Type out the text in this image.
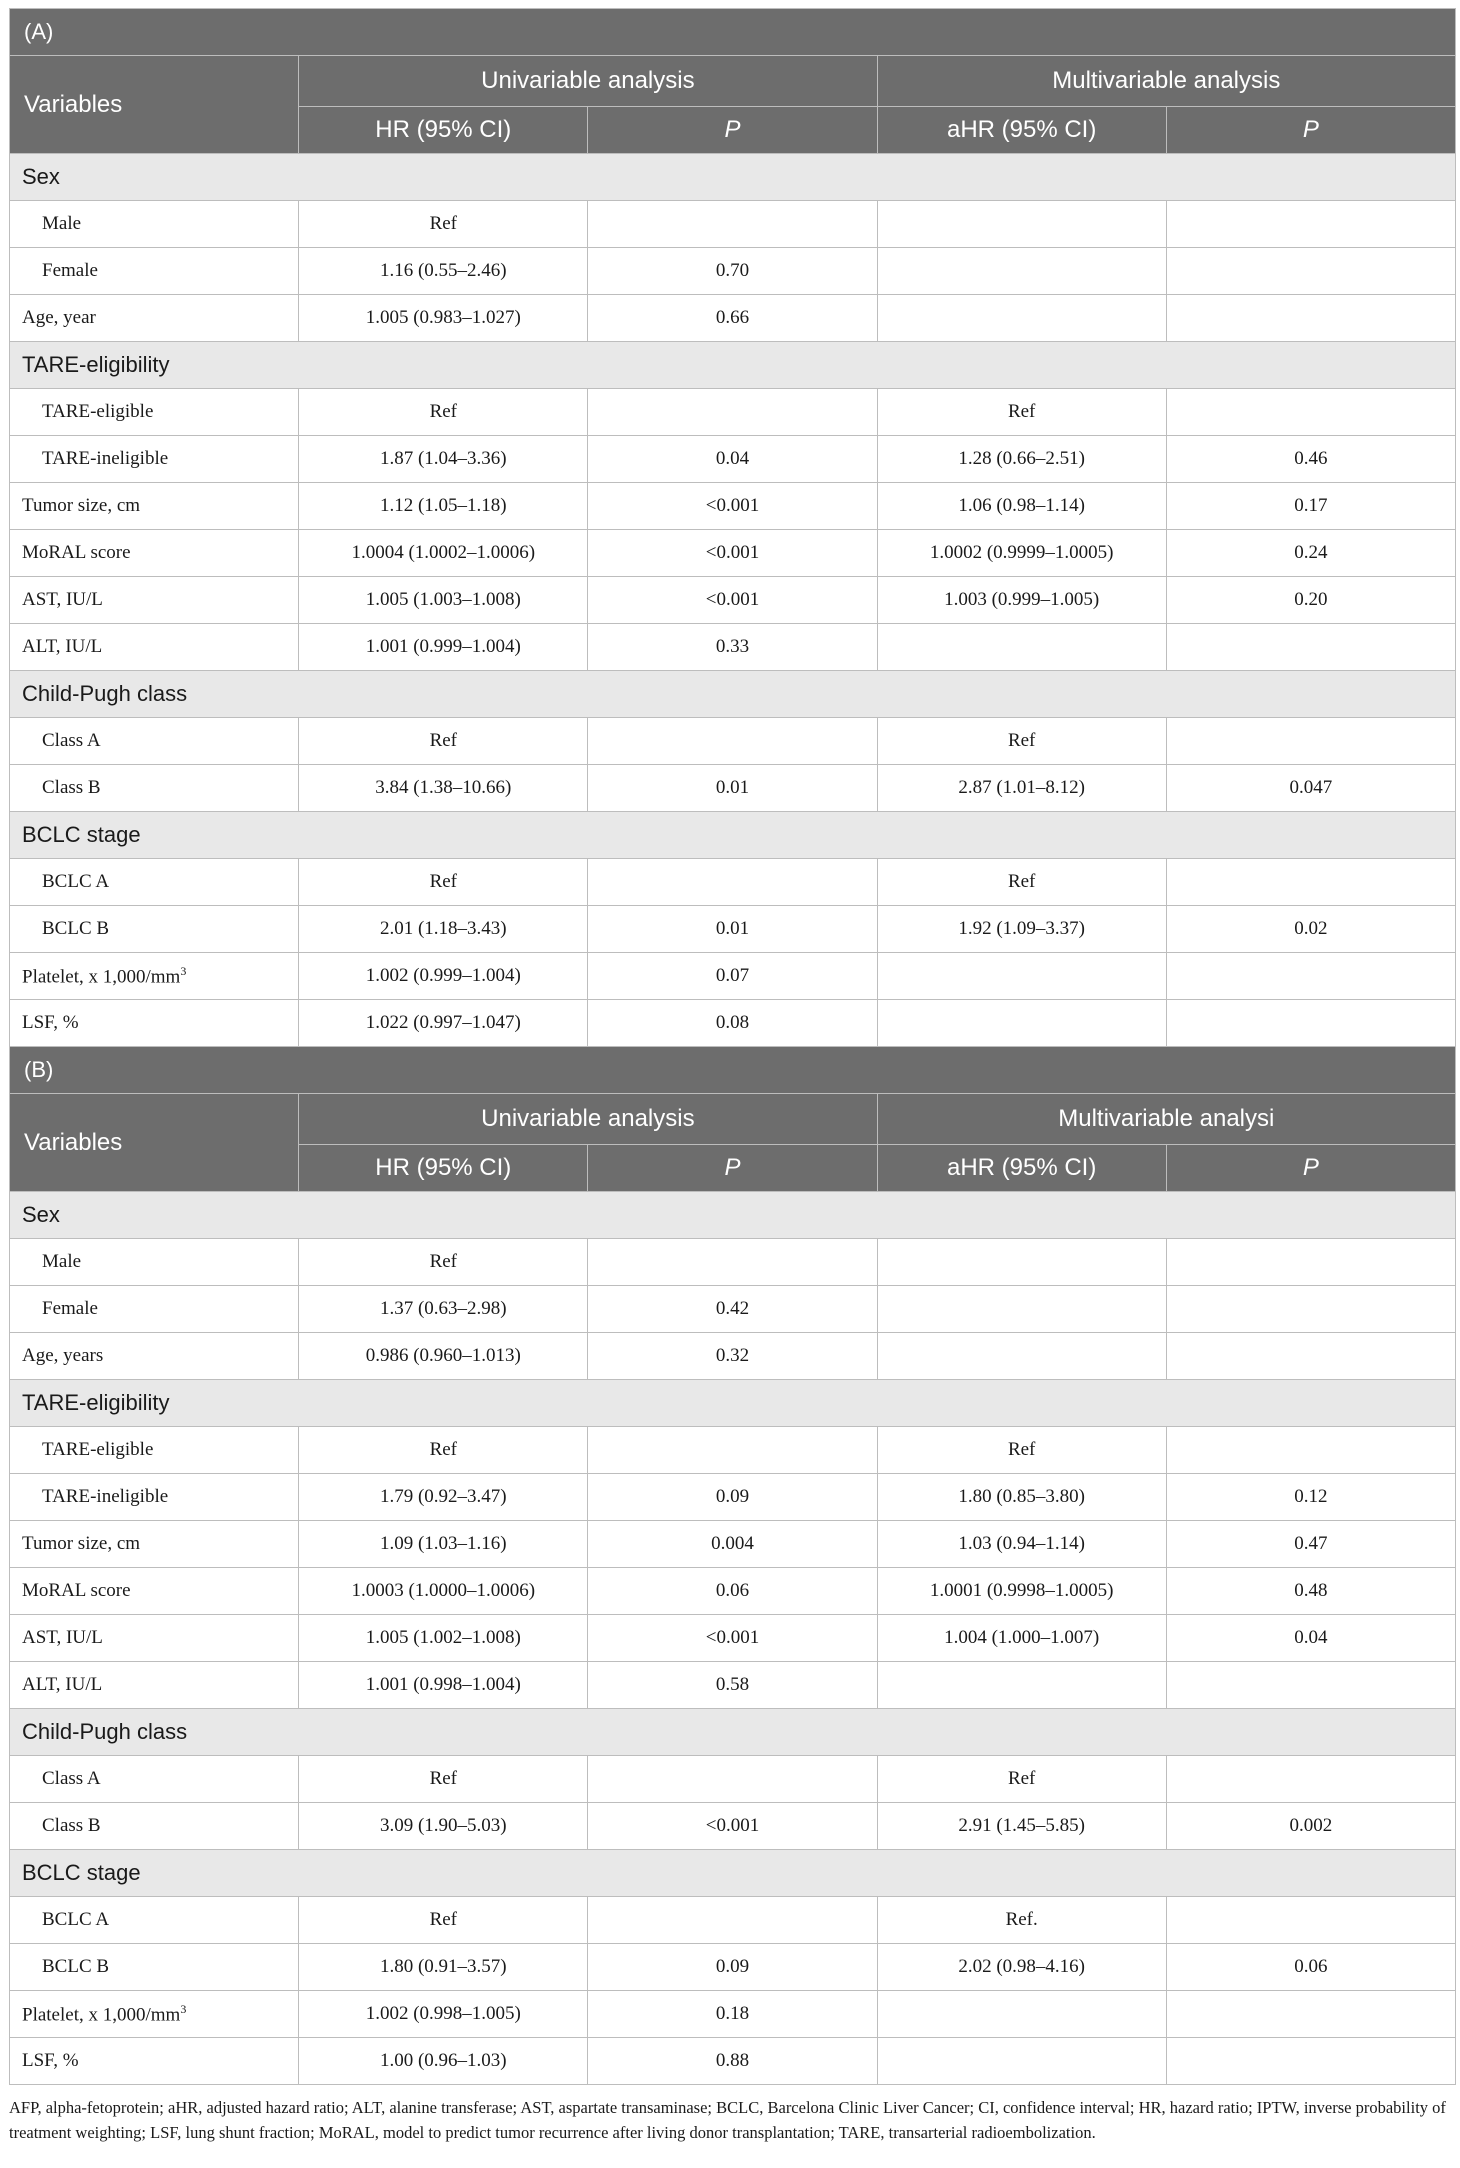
(A)				
Variables	Univariable analysis		Multivariable analysis	
	HR (95% CI)	P	aHR (95% CI)	P
Sex				
Male	Ref			
Female	1.16 (0.55–2.46)	0.70		
Age, year	1.005 (0.983–1.027)	0.66		
TARE-eligibility				
TARE-eligible	Ref		Ref	
TARE-ineligible	1.87 (1.04–3.36)	0.04	1.28 (0.66–2.51)	0.46
Tumor size, cm	1.12 (1.05–1.18)	<0.001	1.06 (0.98–1.14)	0.17
MoRAL score	1.0004 (1.0002–1.0006)	<0.001	1.0002 (0.9999–1.0005)	0.24
AST, IU/L	1.005 (1.003–1.008)	<0.001	1.003 (0.999–1.005)	0.20
ALT, IU/L	1.001 (0.999–1.004)	0.33		
Child-Pugh class				
Class A	Ref		Ref	
Class B	3.84 (1.38–10.66)	0.01	2.87 (1.01–8.12)	0.047
BCLC stage				
BCLC A	Ref		Ref	
BCLC B	2.01 (1.18–3.43)	0.01	1.92 (1.09–3.37)	0.02
Platelet, x $1,000/mm^3$	1.002 (0.999–1.004)	0.07		
LSF, %	1.022 (0.997–1.047)	0.08		
(B)				
Variables	Univariable analysis		Multivariable analysi	
	HR (95% CI)	P	aHR (95% CI)	P
Sex				
Male	Ref			
Female	1.37 (0.63–2.98)	0.42		
Age, years	0.986 (0.960–1.013)	0.32		
TARE-eligibility				
TARE-eligible	Ref		Ref	
TARE-ineligible	1.79 (0.92–3.47)	0.09	1.80 (0.85–3.80)	0.12
Tumor size, cm	1.09 (1.03–1.16)	0.004	1.03 (0.94–1.14)	0.47
MoRAL score	1.0003 (1.0000–1.0006)	0.06	1.0001 (0.9998–1.0005)	0.48
AST, IU/L	1.005 (1.002–1.008)	<0.001	1.004 (1.000–1.007)	0.04
ALT, IU/L	1.001 (0.998–1.004)	0.58		
Child-Pugh class				
Class A	Ref		Ref	
Class B	3.09 (1.90–5.03)	<0.001	2.91 (1.45–5.85)	0.002
BCLC stage				
BCLC A	Ref		Ref.	
BCLC B	1.80 (0.91–3.57)	0.09	2.02 (0.98–4.16)	0.06
Platelet, x $1,000/mm^3$	1.002 (0.998–1.005)	0.18		
LSF, %	1.00 (0.96–1.03)	0.88		
AFP, alpha-fetoprotein; aHR, adjusted hazard ratio; ALT, alanine transferase; AST, aspartate transaminase; BCLC, Barcelona Clinic Liver Cancer; CI, confidence interval; HR, hazard ratio; IPTW, inverse probability of treatment weighting; LSF, lung shunt fraction; MoRAL, model to predict tumor recurrence after living donor transplantation; TARE, transarterial radioembolization.
